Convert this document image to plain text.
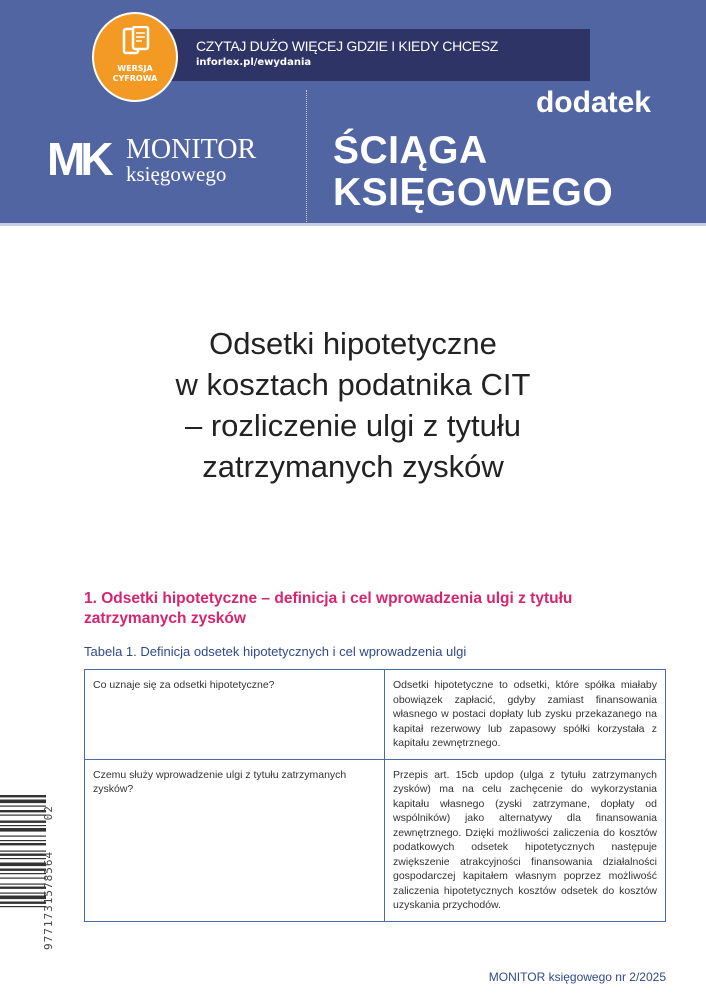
CZYTAJ DUŻO WIĘCEJ GDZIE I KIEDY CHCESZ
inforlex.pl/ewydania
WERSJA
CYFROWA
MK MONITOR
księgowego
dodatek
ŚCIĄGA
KSIĘGOWEGO
Odsetki hipotetyczne
w kosztach podatnika CIT
– rozliczenie ulgi z tytułu
zatrzymanych zysków
1. Odsetki hipotetyczne – definicja i cel wprowadzenia ulgi z tytułu zatrzymanych zysków
Tabela 1. Definicja odsetek hipotetycznych i cel wprowadzenia ulgi
Co uznaje się za odsetki hipotetyczne?	Odsetki hipotetyczne to odsetki, które spółka miałaby obowiązek zapłacić, gdyby zamiast finansowania własnego w postaci dopłaty lub zysku przekazanego na kapitał rezerwowy lub zapasowy spółki korzystała z kapitału zewnętrznego.
Czemu służy wprowadzenie ulgi z tytułu zatrzymanych zysków?	Przepis art. 15cb updop (ulga z tytułu zatrzymanych zysków) ma na celu zachęcenie do wykorzystania kapitału własnego (zyski zatrzymane, dopłaty od wspólników) jako alternatywy dla finansowania zewnętrznego. Dzięki możliwości zaliczenia do kosztów podatkowych odsetek hipotetycznych następuje zwiększenie atrakcyjności finansowania działalności gospodarczej kapitałem własnym poprzez możliwość zaliczenia hipotetycznych kosztów odsetek do kosztów uzyskania przychodów.
9771731578564    02
MONITOR księgowego nr 2/2025
